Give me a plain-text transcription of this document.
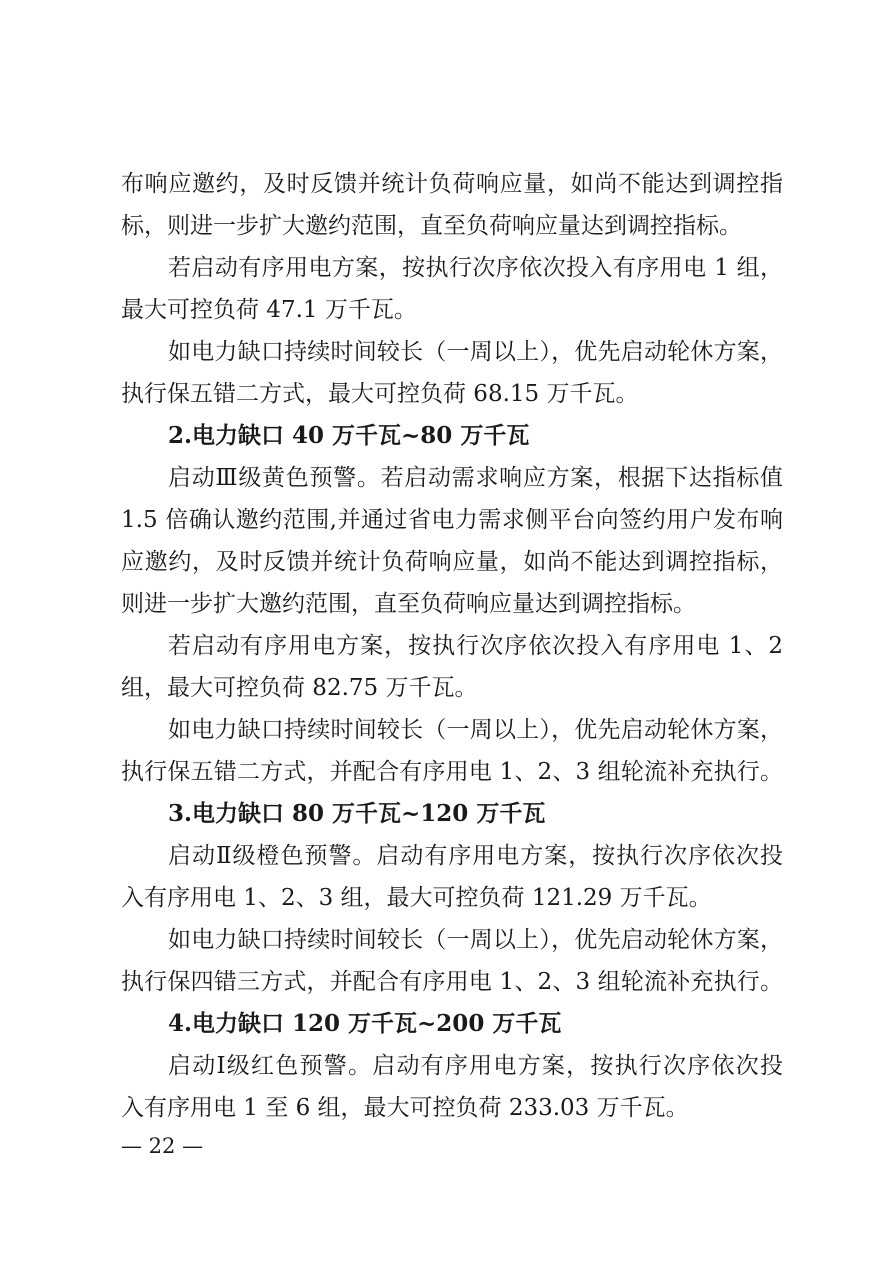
布响应邀约，及时反馈并统计负荷响应量，如尚不能达到调控指
标，则进一步扩大邀约范围，直至负荷响应量达到调控指标。
若启动有序用电方案，按执行次序依次投入有序用电 1 组，
最大可控负荷 47.1 万千瓦。
如电力缺口持续时间较长（一周以上），优先启动轮休方案，
执行保五错二方式，最大可控负荷 68.15 万千瓦。
2.电力缺口 40 万千瓦~80 万千瓦
启动Ⅲ级黄色预警。若启动需求响应方案，根据下达指标值
1.5 倍确认邀约范围,并通过省电力需求侧平台向签约用户发布响
应邀约，及时反馈并统计负荷响应量，如尚不能达到调控指标，
则进一步扩大邀约范围，直至负荷响应量达到调控指标。
若启动有序用电方案，按执行次序依次投入有序用电 1、2
组，最大可控负荷 82.75 万千瓦。
如电力缺口持续时间较长（一周以上），优先启动轮休方案，
执行保五错二方式，并配合有序用电 1、2、3 组轮流补充执行。
3.电力缺口 80 万千瓦~120 万千瓦
启动Ⅱ级橙色预警。启动有序用电方案，按执行次序依次投
入有序用电 1、2、3 组，最大可控负荷 121.29 万千瓦。
如电力缺口持续时间较长（一周以上），优先启动轮休方案，
执行保四错三方式，并配合有序用电 1、2、3 组轮流补充执行。
4.电力缺口 120 万千瓦~200 万千瓦
启动Ⅰ级红色预警。启动有序用电方案，按执行次序依次投
入有序用电 1 至 6 组，最大可控负荷 233.03 万千瓦。
— 22 —
